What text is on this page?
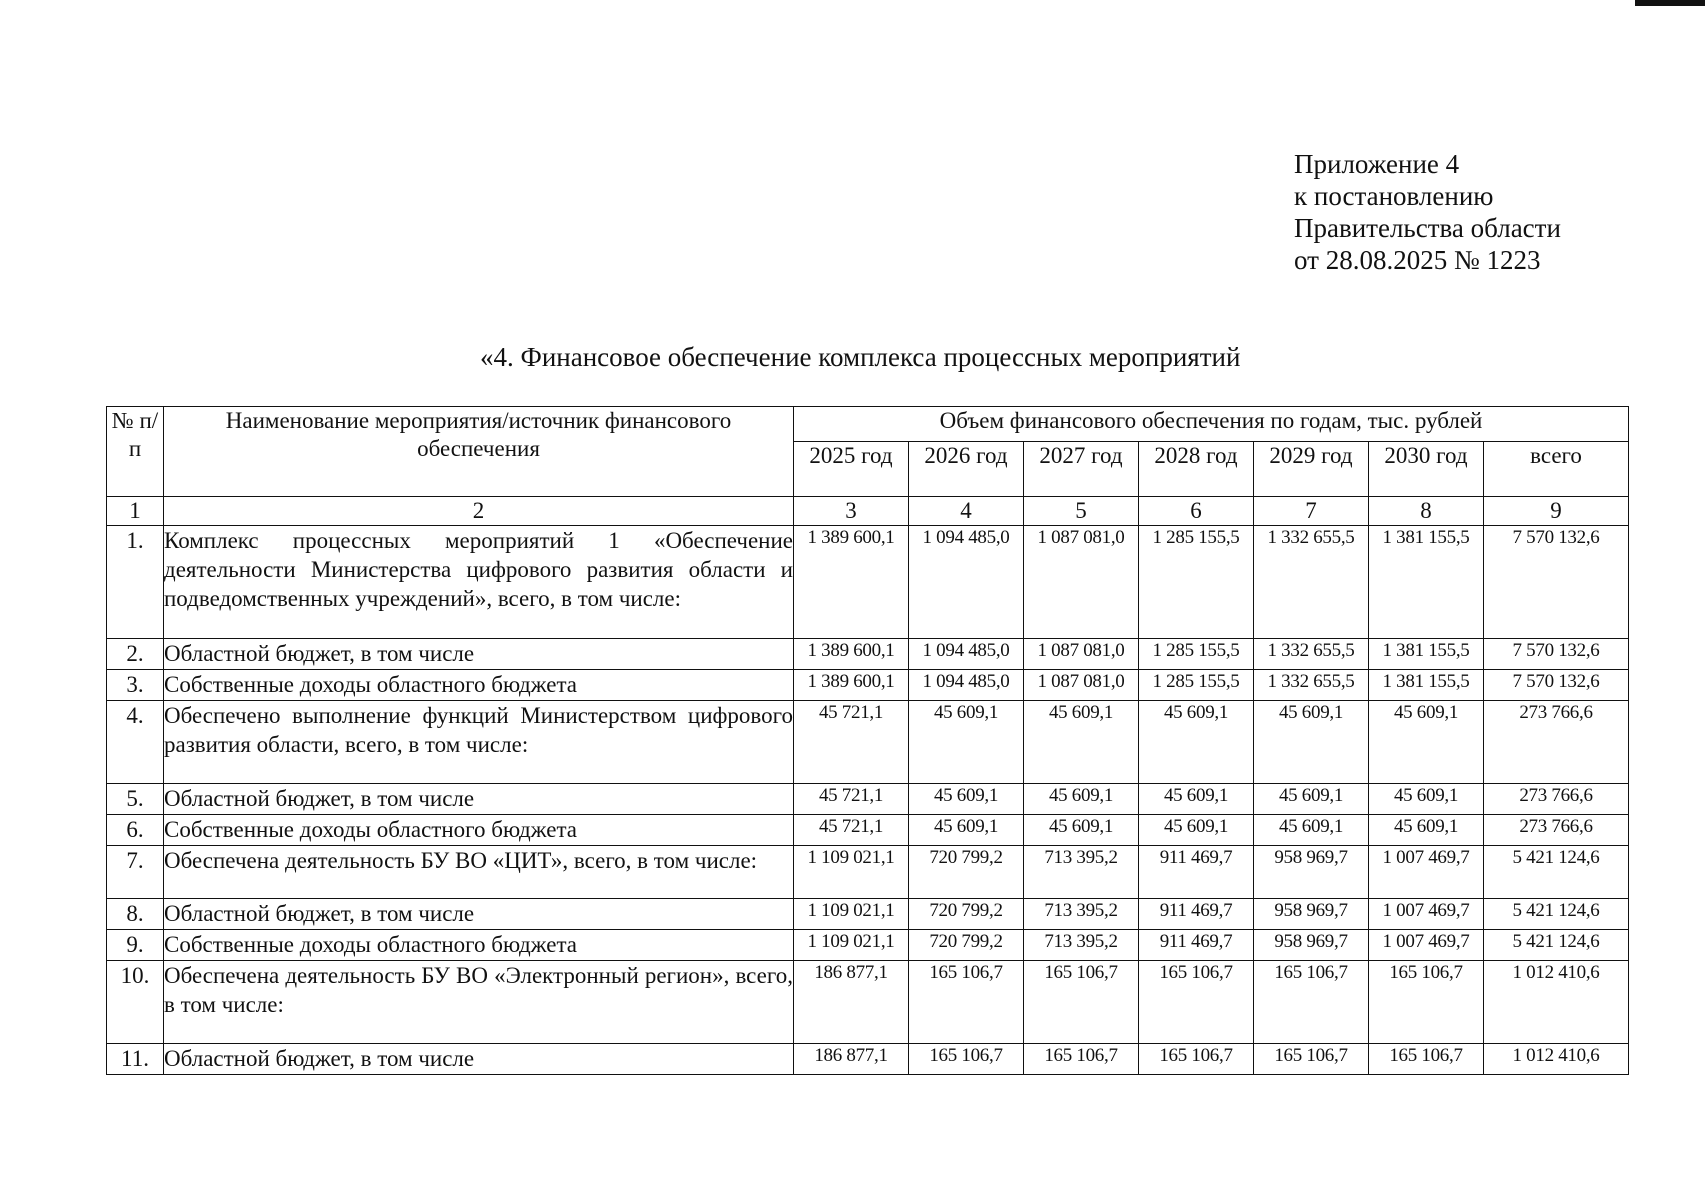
Приложение 4
к постановлению
Правительства области
от 28.08.2025 № 1223
«4. Финансовое обеспечение комплекса процессных мероприятий
№ п/п	Наименование мероприятия/источник финансового обеспечения	Объем финансового обеспечения по годам, тыс. рублей						
		2025 год	2026 год	2027 год	2028 год	2029 год	2030 год	всего
1	2	3	4	5	6	7	8	9
1.	Комплекс процессных мероприятий 1 «Обеспечение деятельности Министерства цифрового развития области и подведомственных учреждений», всего, в том числе:	1 389 600,1	1 094 485,0	1 087 081,0	1 285 155,5	1 332 655,5	1 381 155,5	7 570 132,6
2.	Областной бюджет, в том числе	1 389 600,1	1 094 485,0	1 087 081,0	1 285 155,5	1 332 655,5	1 381 155,5	7 570 132,6
3.	Собственные доходы областного бюджета	1 389 600,1	1 094 485,0	1 087 081,0	1 285 155,5	1 332 655,5	1 381 155,5	7 570 132,6
4.	Обеспечено выполнение функций Министерством цифрового развития области, всего, в том числе:	45 721,1	45 609,1	45 609,1	45 609,1	45 609,1	45 609,1	273 766,6
5.	Областной бюджет, в том числе	45 721,1	45 609,1	45 609,1	45 609,1	45 609,1	45 609,1	273 766,6
6.	Собственные доходы областного бюджета	45 721,1	45 609,1	45 609,1	45 609,1	45 609,1	45 609,1	273 766,6
7.	Обеспечена деятельность БУ ВО «ЦИТ», всего, в том числе:	1 109 021,1	720 799,2	713 395,2	911 469,7	958 969,7	1 007 469,7	5 421 124,6
8.	Областной бюджет, в том числе	1 109 021,1	720 799,2	713 395,2	911 469,7	958 969,7	1 007 469,7	5 421 124,6
9.	Собственные доходы областного бюджета	1 109 021,1	720 799,2	713 395,2	911 469,7	958 969,7	1 007 469,7	5 421 124,6
10.	Обеспечена деятельность БУ ВО «Электронный регион», всего, в том числе:	186 877,1	165 106,7	165 106,7	165 106,7	165 106,7	165 106,7	1 012 410,6
11.	Областной бюджет, в том числе	186 877,1	165 106,7	165 106,7	165 106,7	165 106,7	165 106,7	1 012 410,6
